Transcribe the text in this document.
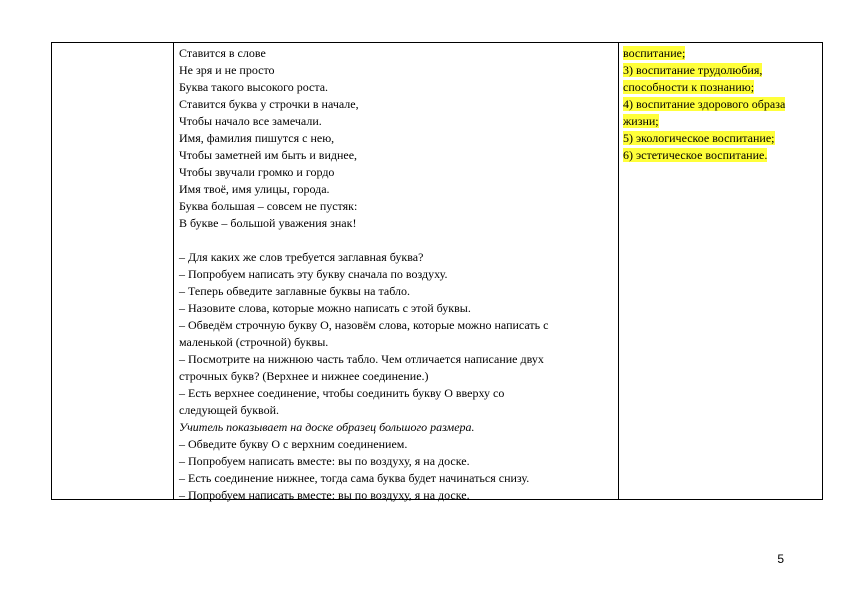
Ставится в слове
Не зря и не просто
Буква такого высокого роста.
Ставится буква у строчки в начале,
Чтобы начало все замечали.
Имя, фамилия пишутся с нею,
Чтобы заметней им быть и виднее,
Чтобы звучали громко и гордо
Имя твоё, имя улицы, города.
Буква большая – совсем не пустяк:
В букве – большой уважения знак!
– Для каких же слов требуется заглавная буква?
– Попробуем написать эту букву сначала по воздуху.
– Теперь обведите заглавные буквы на табло.
– Назовите слова, которые можно написать с этой буквы.
– Обведём строчную букву О, назовём слова, которые можно написать с
маленькой (строчной) буквы.
– Посмотрите на нижнюю часть табло. Чем отличается написание двух
строчных букв? (Верхнее и нижнее соединение.)
– Есть верхнее соединение, чтобы соединить букву О вверху со
следующей буквой.
Учитель показывает на доске образец большого размера.
– Обведите букву О с верхним соединением.
– Попробуем написать вместе: вы по воздуху, я на доске.
– Есть соединение нижнее, тогда сама буква будет начинаться снизу.
– Попробуем написать вместе: вы по воздуху, я на доске.
воспитание;
3) воспитание трудолюбия,
способности к познанию;
4) воспитание здорового образа
жизни;
5) экологическое воспитание;
6) эстетическое воспитание.
5
